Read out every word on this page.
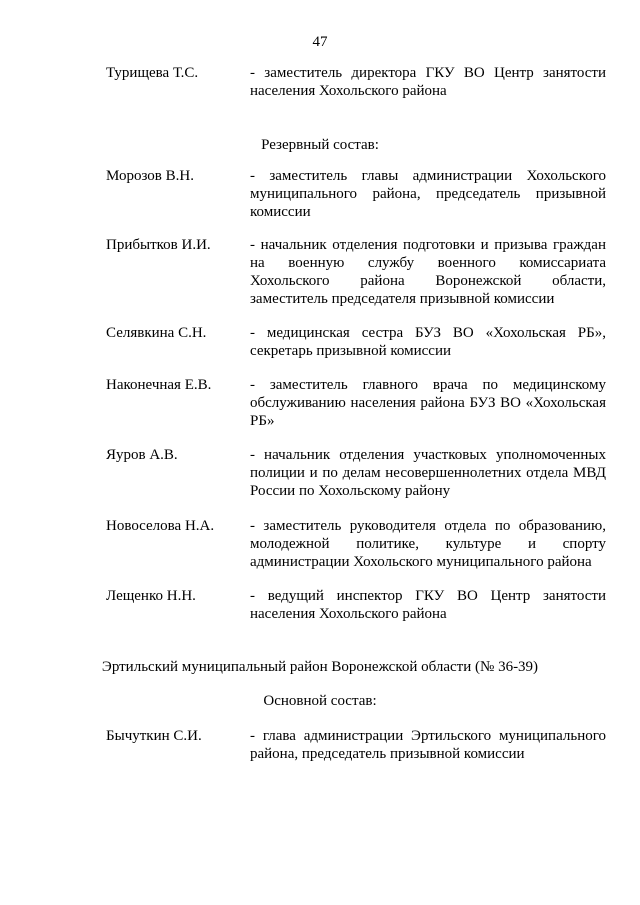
47
Турищева Т.С.	- заместитель директора ГКУ ВО Центр занятости населения Хохольского района
Резервный состав:
Морозов В.Н.	- заместитель главы администрации Хохольского муниципального района, председатель призывной комиссии
Прибытков И.И.	- начальник отделения подготовки и призыва граждан на военную службу военного комиссариата Хохольского района Воронежской области, заместитель председателя призывной комиссии
Селявкина С.Н.	- медицинская сестра БУЗ ВО «Хохольская РБ», секретарь призывной комиссии
Наконечная Е.В.	- заместитель главного врача по медицинскому обслуживанию населения района БУЗ ВО «Хохольская РБ»
Яуров А.В.	- начальник отделения участковых уполномоченных полиции и по делам несовершеннолетних отдела МВД России по Хохольскому району
Новоселова Н.А. - заместитель руководителя отдела по образованию, молодежной политике, культуре и спорту администрации Хохольского муниципального района
Лещенко Н.Н.	- ведущий инспектор ГКУ ВО Центр занятости населения Хохольского района
Эртильский муниципальный район Воронежской области (№ 36-39)
Основной состав:
Бычуткин С.И.	- глава администрации Эртильского муниципального района, председатель призывной комиссии
